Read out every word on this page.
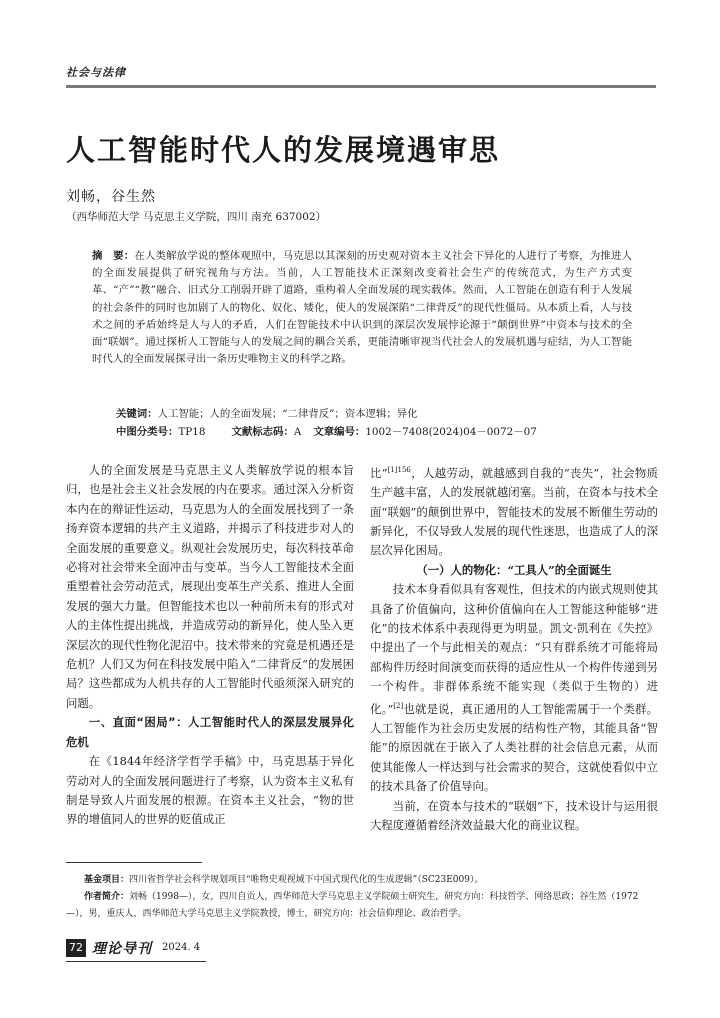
社会与法律
人工智能时代人的发展境遇审思
刘畅，谷生然
（西华师范大学 马克思主义学院，四川 南充 637002）
摘　要：在人类解放学说的整体观照中，马克思以其深刻的历史观对资本主义社会下异化的人进行了考察，为推进人的全面发展提供了研究视角与方法。当前，人工智能技术正深刻改变着社会生产的传统范式，为生产方式变革、“产”“教”融合、旧式分工削弱开辟了道路，重构着人全面发展的现实载体。然而，人工智能在创造有利于人发展的社会条件的同时也加剧了人的物化、奴化、矮化，使人的发展深陷“二律背反”的现代性僵局。从本质上看，人与技术之间的矛盾始终是人与人的矛盾，人们在智能技术中认识到的深层次发展悖论源于“颠倒世界”中资本与技术的全面“联姻”。通过探析人工智能与人的发展之间的耦合关系，更能清晰审视当代社会人的发展机遇与症结，为人工智能时代人的全面发展探寻出一条历史唯物主义的科学之路。
关键词：人工智能；人的全面发展；“二律背反”；资本逻辑；异化
中图分类号：TP18	文献标志码：A 文章编号：1002－7408(2024)04－0072－07

人的全面发展是马克思主义人类解放学说的根本旨归，也是社会主义社会发展的内在要求。通过深入分析资本内在的辩证性运动，马克思为人的全面发展找到了一条扬弃资本逻辑的共产主义道路，并揭示了科技进步对人的全面发展的重要意义。纵观社会发展历史，每次科技革命必将对社会带来全面冲击与变革。当今人工智能技术全面重塑着社会劳动范式，展现出变革生产关系、推进人全面发展的强大力量。但智能技术也以一种前所未有的形式对人的主体性提出挑战，并造成劳动的新异化，使人坠入更深层次的现代性物化泥沼中。技术带来的究竟是机遇还是危机？人们又为何在科技发展中陷入“二律背反”的发展困局？这些都成为人机共存的人工智能时代亟须深入研究的问题。

一、直面“困局”：人工智能时代人的深层发展异化危机

在《1844年经济学哲学手稿》中，马克思基于异化劳动对人的全面发展问题进行了考察，认为资本主义私有制是导致人片面发展的根源。在资本主义社会，“物的世界的增值同人的世界的贬值成正

比”$^{[1]156}$，人越劳动，就越感到自我的“丧失”，社会物质生产越丰富，人的发展就越闭塞。当前，在资本与技术全面“联姻”的颠倒世界中，智能技术的发展不断催生劳动的新异化，不仅导致人发展的现代性迷思，也造成了人的深层次异化困局。

（一）人的物化：“工具人”的全面诞生

技术本身看似具有客观性，但技术的内嵌式规则使其具备了价值偏向，这种价值偏向在人工智能这种能够“进化”的技术体系中表现得更为明显。凯文·凯利在《失控》中提出了一个与此相关的观点：“只有群系统才可能将局部构件历经时间演变而获得的适应性从一个构件传递到另一个构件。非群体系统不能实现（类似于生物的）进化。”[2]也就是说，真正通用的人工智能需属于一个类群。人工智能作为社会历史发展的结构性产物，其能具备“智能”的原因就在于嵌入了人类社群的社会信息元素，从而使其能像人一样达到与社会需求的契合，这就使看似中立的技术具备了价值导向。

当前，在资本与技术的“联姻”下，技术设计与运用很大程度遵循着经济效益最大化的商业议程。

基金项目：四川省哲学社会科学规划项目“唯物史观视域下中国式现代化的生成逻辑”（SC23E009）。

作者简介：刘畅（1998—），女，四川自贡人，西华师范大学马克思主义学院硕士研究生，研究方向：科技哲学、网络思政；谷生然（1972—），男，重庆人，西华师范大学马克思主义学院教授，博士，研究方向：社会信仰理论、政治哲学。

72 理论导刊 2024. 4
